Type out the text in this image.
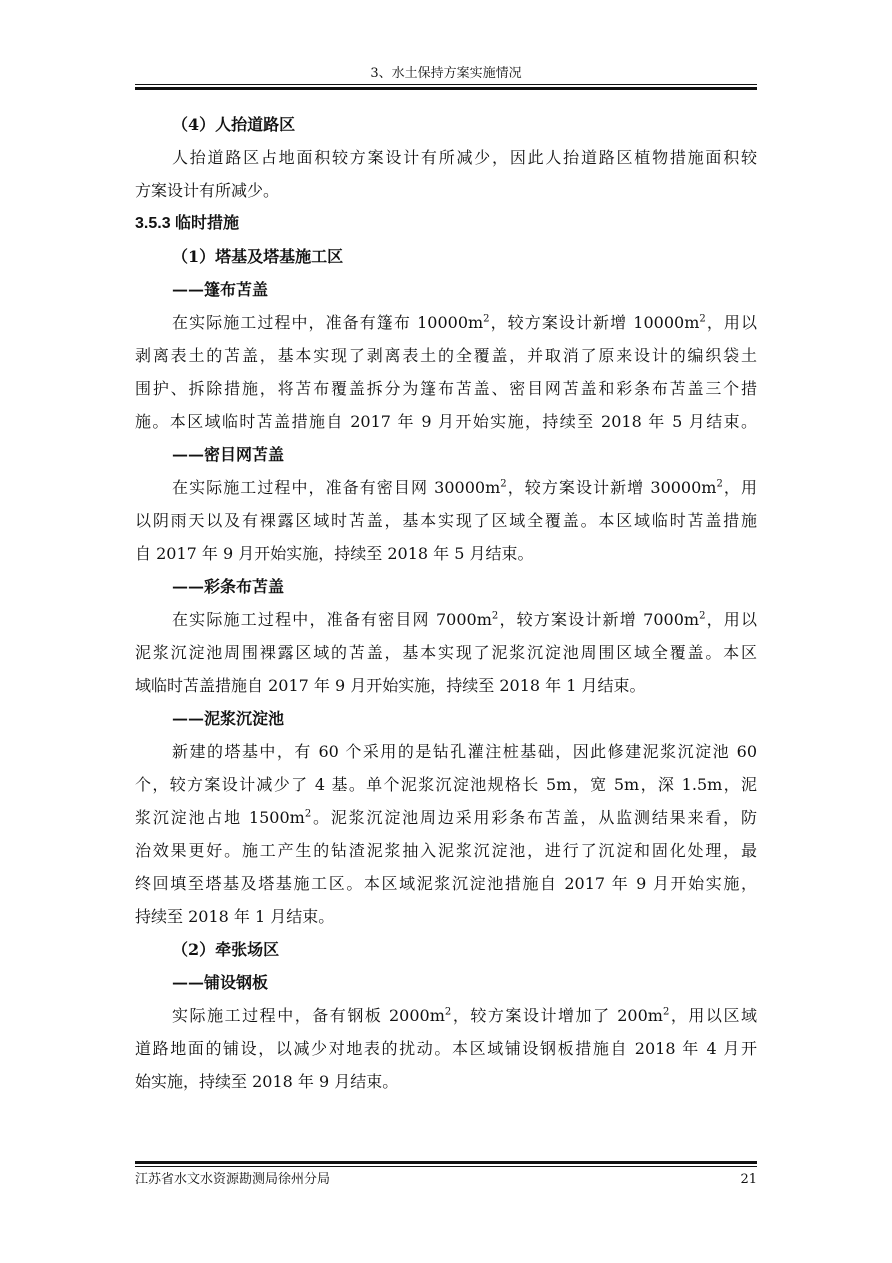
3、水土保持方案实施情况
（4）人抬道路区
人抬道路区占地面积较方案设计有所减少，因此人抬道路区植物措施面积较
方案设计有所减少。
3.5.3 临时措施
（1）塔基及塔基施工区
——篷布苫盖
在实际施工过程中，准备有篷布 $10000m^2$，较方案设计新增 $10000m^2$，用以
剥离表土的苫盖，基本实现了剥离表土的全覆盖，并取消了原来设计的编织袋土
围护、拆除措施，将苫布覆盖拆分为篷布苫盖、密目网苫盖和彩条布苫盖三个措
施。本区域临时苫盖措施自 2017 年 9 月开始实施，持续至 2018 年 5 月结束。
——密目网苫盖
在实际施工过程中，准备有密目网 $30000m^2$，较方案设计新增 $30000m^2$，用
以阴雨天以及有裸露区域时苫盖，基本实现了区域全覆盖。本区域临时苫盖措施
自 2017 年 9 月开始实施，持续至 2018 年 5 月结束。
——彩条布苫盖
在实际施工过程中，准备有密目网 $7000m^2$，较方案设计新增 $7000m^2$，用以
泥浆沉淀池周围裸露区域的苫盖，基本实现了泥浆沉淀池周围区域全覆盖。本区
域临时苫盖措施自 2017 年 9 月开始实施，持续至 2018 年 1 月结束。
——泥浆沉淀池
新建的塔基中，有 60 个采用的是钻孔灌注桩基础，因此修建泥浆沉淀池 60
个，较方案设计减少了 4 基。单个泥浆沉淀池规格长 5m，宽 5m，深 1.5m，泥
浆沉淀池占地 $1500m^2$。泥浆沉淀池周边采用彩条布苫盖，从监测结果来看，防
治效果更好。施工产生的钻渣泥浆抽入泥浆沉淀池，进行了沉淀和固化处理，最
终回填至塔基及塔基施工区。本区域泥浆沉淀池措施自 2017 年 9 月开始实施，
持续至 2018 年 1 月结束。
（2）牵张场区
——铺设钢板
实际施工过程中，备有钢板 $2000m^2$，较方案设计增加了 $200m^2$，用以区域
道路地面的铺设，以减少对地表的扰动。本区域铺设钢板措施自 2018 年 4 月开
始实施，持续至 2018 年 9 月结束。
江苏省水文水资源勘测局徐州分局	21
